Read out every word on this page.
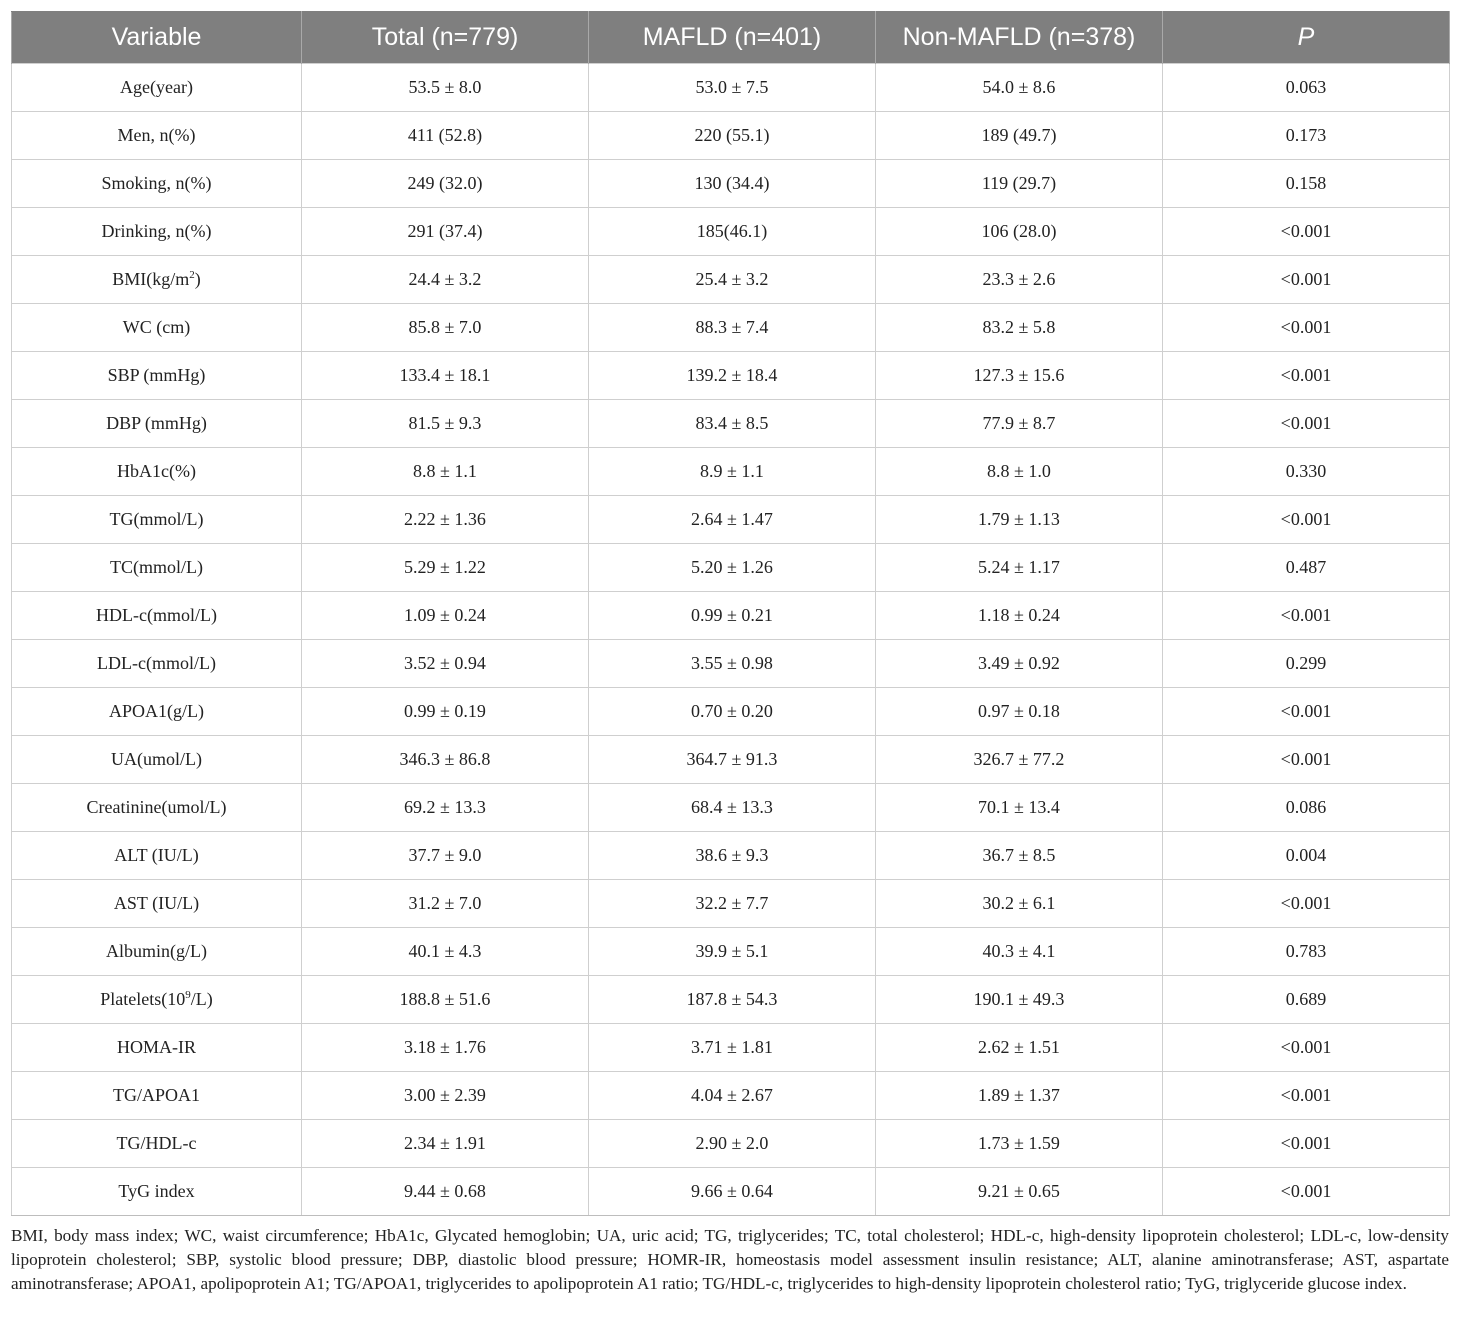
Variable	Total (n=779)	MAFLD (n=401)	Non-MAFLD (n=378)	P
Age(year)	53.5 ± 8.0	53.0 ± 7.5	54.0 ± 8.6	0.063
Men, n(%)	411 (52.8)	220 (55.1)	189 (49.7)	0.173
Smoking, n(%)	249 (32.0)	130 (34.4)	119 (29.7)	0.158
Drinking, n(%)	291 (37.4)	185(46.1)	106 (28.0)	<0.001
$BMI(kg/m^2)$	24.4 ± 3.2	25.4 ± 3.2	23.3 ± 2.6	<0.001
WC (cm)	85.8 ± 7.0	88.3 ± 7.4	83.2 ± 5.8	<0.001
SBP (mmHg)	133.4 ± 18.1	139.2 ± 18.4	127.3 ± 15.6	<0.001
DBP (mmHg)	81.5 ± 9.3	83.4 ± 8.5	77.9 ± 8.7	<0.001
HbA1c(%)	8.8 ± 1.1	8.9 ± 1.1	8.8 ± 1.0	0.330
TG(mmol/L)	2.22 ± 1.36	2.64 ± 1.47	1.79 ± 1.13	<0.001
TC(mmol/L)	5.29 ± 1.22	5.20 ± 1.26	5.24 ± 1.17	0.487
HDL-c(mmol/L)	1.09 ± 0.24	0.99 ± 0.21	1.18 ± 0.24	<0.001
LDL-c(mmol/L)	3.52 ± 0.94	3.55 ± 0.98	3.49 ± 0.92	0.299
APOA1(g/L)	0.99 ± 0.19	0.70 ± 0.20	0.97 ± 0.18	<0.001
UA(umol/L)	346.3 ± 86.8	364.7 ± 91.3	326.7 ± 77.2	<0.001
Creatinine(umol/L)	69.2 ± 13.3	68.4 ± 13.3	70.1 ± 13.4	0.086
ALT (IU/L)	37.7 ± 9.0	38.6 ± 9.3	36.7 ± 8.5	0.004
AST (IU/L)	31.2 ± 7.0	32.2 ± 7.7	30.2 ± 6.1	<0.001
Albumin(g/L)	40.1 ± 4.3	39.9 ± 5.1	40.3 ± 4.1	0.783
$Platelets(10^9/L)$	188.8 ± 51.6	187.8 ± 54.3	190.1 ± 49.3	0.689
HOMA-IR	3.18 ± 1.76	3.71 ± 1.81	2.62 ± 1.51	<0.001
TG/APOA1	3.00 ± 2.39	4.04 ± 2.67	1.89 ± 1.37	<0.001
TG/HDL-c	2.34 ± 1.91	2.90 ± 2.0	1.73 ± 1.59	<0.001
TyG index	9.44 ± 0.68	9.66 ± 0.64	9.21 ± 0.65	<0.001

BMI, body mass index; WC, waist circumference; HbA1c, Glycated hemoglobin; UA, uric acid; TG, triglycerides; TC, total cholesterol; HDL-c, high-density lipoprotein cholesterol; LDL-c, low-density lipoprotein cholesterol; SBP, systolic blood pressure; DBP, diastolic blood pressure; HOMR-IR, homeostasis model assessment insulin resistance; ALT, alanine aminotransferase; AST, aspartate aminotransferase; APOA1, apolipoprotein A1; TG/APOA1, triglycerides to apolipoprotein A1 ratio; TG/HDL-c, triglycerides to high-density lipoprotein cholesterol ratio; TyG, triglyceride glucose index.
